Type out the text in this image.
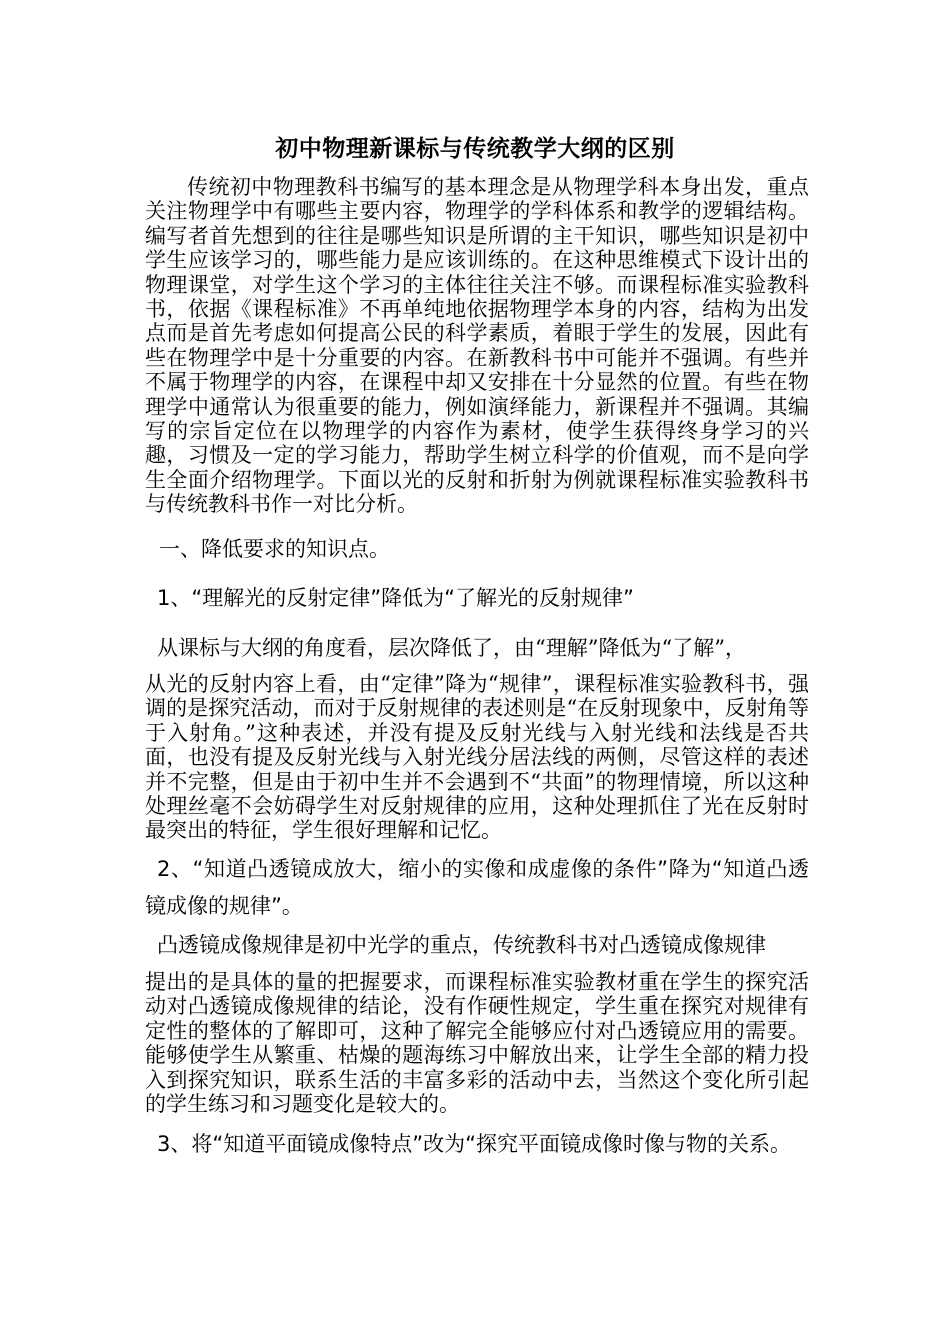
初中物理新课标与传统教学大纲的区别

传统初中物理教科书编写的基本理念是从物理学科本身出发，重点关注物理学中有哪些主要内容，物理学的学科体系和教学的逻辑结构。编写者首先想到的往往是哪些知识是所谓的主干知识，哪些知识是初中学生应该学习的，哪些能力是应该训练的。在这种思维模式下设计出的物理课堂，对学生这个学习的主体往往关注不够。而课程标准实验教科书，依据《课程标准》不再单纯地依据物理学本身的内容，结构为出发点而是首先考虑如何提高公民的科学素质，着眼于学生的发展，因此有些在物理学中是十分重要的内容。在新教科书中可能并不强调。有些并不属于物理学的内容，在课程中却又安排在十分显然的位置。有些在物理学中通常认为很重要的能力，例如演绎能力，新课程并不强调。其编写的宗旨定位在以物理学的内容作为素材，使学生获得终身学习的兴趣，习惯及一定的学习能力，帮助学生树立科学的价值观，而不是向学生全面介绍物理学。下面以光的反射和折射为例就课程标准实验教科书与传统教科书作一对比分析。

一、降低要求的知识点。

1、“理解光的反射定律”降低为“了解光的反射规律”

从课标与大纲的角度看，层次降低了，由“理解”降低为“了解”，

从光的反射内容上看，由“定律”降为“规律”，课程标准实验教科书，强调的是探究活动，而对于反射规律的表述则是“在反射现象中，反射角等于入射角。”这种表述，并没有提及反射光线与入射光线和法线是否共面，也没有提及反射光线与入射光线分居法线的两侧，尽管这样的表述并不完整，但是由于初中生并不会遇到不“共面”的物理情境，所以这种处理丝毫不会妨碍学生对反射规律的应用，这种处理抓住了光在反射时最突出的特征，学生很好理解和记忆。

2、“知道凸透镜成放大，缩小的实像和成虚像的条件”降为“知道凸透镜成像的规律”。

凸透镜成像规律是初中光学的重点，传统教科书对凸透镜成像规律

提出的是具体的量的把握要求，而课程标准实验教材重在学生的探究活动对凸透镜成像规律的结论，没有作硬性规定，学生重在探究对规律有定性的整体的了解即可，这种了解完全能够应付对凸透镜应用的需要。能够使学生从繁重、枯燥的题海练习中解放出来，让学生全部的精力投入到探究知识，联系生活的丰富多彩的活动中去，当然这个变化所引起的学生练习和习题变化是较大的。

3、将“知道平面镜成像特点”改为“探究平面镜成像时像与物的关系。
